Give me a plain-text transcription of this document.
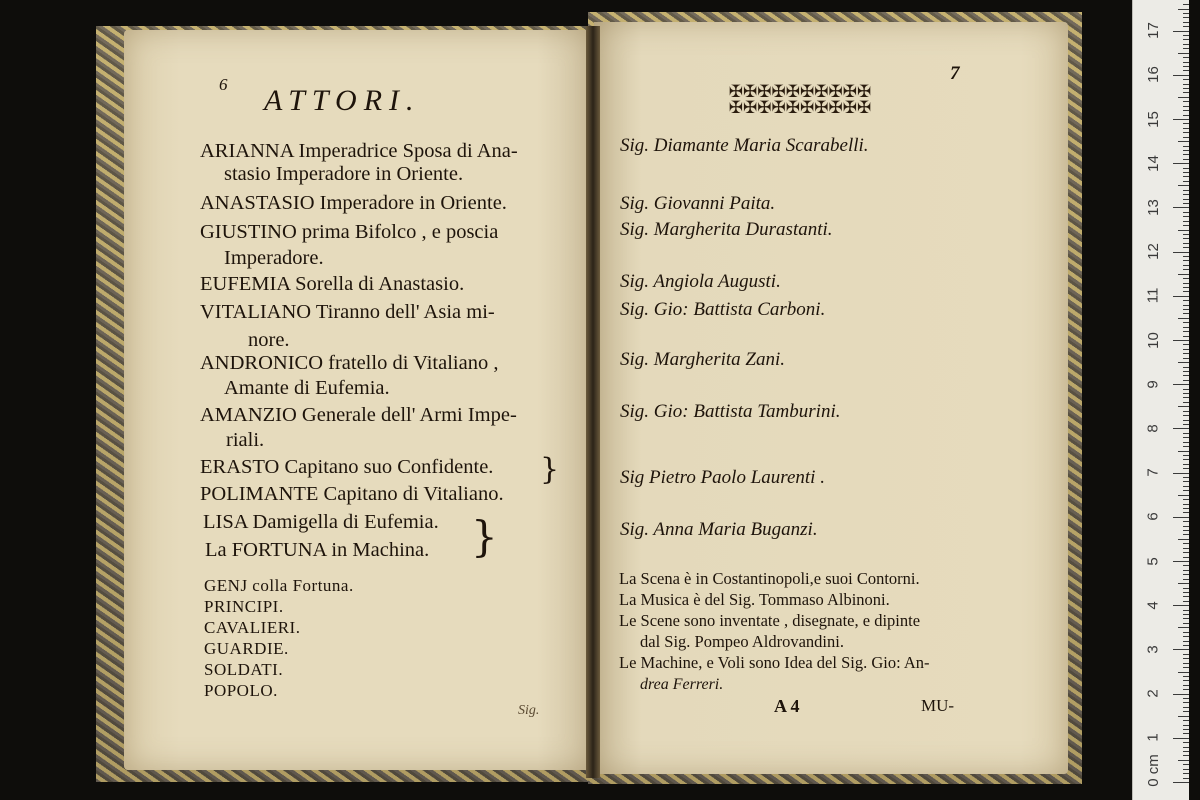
6 ATTORI.
ARIANNA Imperadrice Sposa di Ana-
stasio Imperadore in Oriente.
ANASTASIO Imperadore in Oriente.
GIUSTINO prima Bifolco , e poscia
Imperadore.
EUFEMIA Sorella di Anastasio.
VITALIANO Tiranno dell' Asia mi-
nore.
ANDRONICO fratello di Vitaliano ,
Amante di Eufemia.
AMANZIO Generale dell' Armi Impe-
riali.
ERASTO Capitano suo Confidente.
POLIMANTE Capitano di Vitaliano.
LISA Damigella di Eufemia.
La FORTUNA in Machina.
}
}
GENJ colla Fortuna.
PRINCIPI.
CAVALIERI.
GUARDIE.
SOLDATI.
POPOLO.
Sig.
7
✠✠✠✠✠✠✠✠✠✠
✠✠✠✠✠✠✠✠✠✠
Sig. Diamante Maria Scarabelli.
Sig. Giovanni Paita.
Sig. Margherita Durastanti.
Sig. Angiola Augusti.
Sig. Gio: Battista Carboni.
Sig. Margherita Zani.
Sig. Gio: Battista Tamburini.
Sig Pietro Paolo Laurenti .
Sig. Anna Maria Buganzi.
La Scena è in Costantinopoli,e suoi Contorni.
La Musica è del Sig. Tommaso Albinoni.
Le Scene sono inventate , disegnate, e dipinte
dal Sig. Pompeo Aldrovandini.
Le Machine, e Voli sono Idea del Sig. Gio: An-
drea Ferreri.
A 4	MU-
0 cm
1
2
3
4
5
6
7
8
9
10
11
12
13
14
15
16
17
